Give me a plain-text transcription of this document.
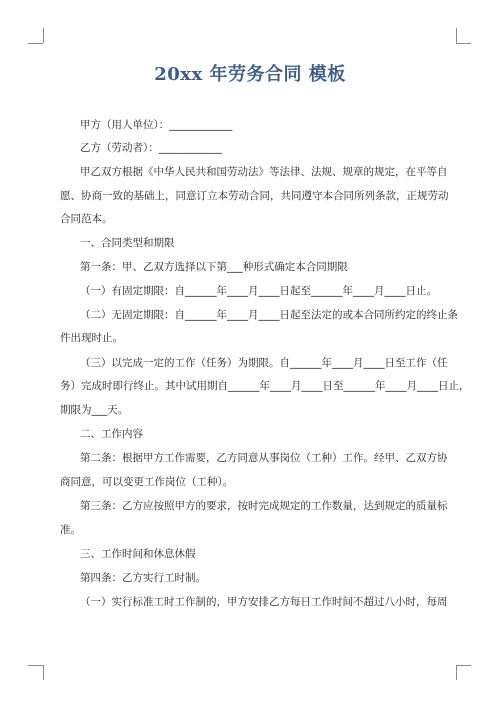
20xx 年劳务合同 模板
甲方（用人单位）：____________
乙方（劳动者）：____________
甲乙双方根据《中华人民共和国劳动法》等法律、法规、规章的规定，在平等自
愿、协商一致的基础上，同意订立本劳动合同，共同遵守本合同所列条款，正规劳动
合同范本。
一、合同类型和期限
第一条：甲、乙双方选择以下第___种形式确定本合同期限
（一）有固定期限：自______年____月____日起至______年____月____日止。
（二）无固定期限：自______年____月____日起至法定的或本合同所约定的终止条
件出现时止。
（三）以完成一定的工作（任务）为期限。自______年____月____日至工作（任
务）完成时即行终止。其中试用期自______年____月____日至______年____月____日止，
期限为___天。
二、工作内容
第二条：根据甲方工作需要，乙方同意从事岗位（工种）工作。经甲、乙双方协
商同意，可以变更工作岗位（工种）。
第三条：乙方应按照甲方的要求，按时完成规定的工作数量，达到规定的质量标
准。
三、工作时间和休息休假
第四条：乙方实行工时制。
（一）实行标准工时工作制的，甲方安排乙方每日工作时间不超过八小时，每周
